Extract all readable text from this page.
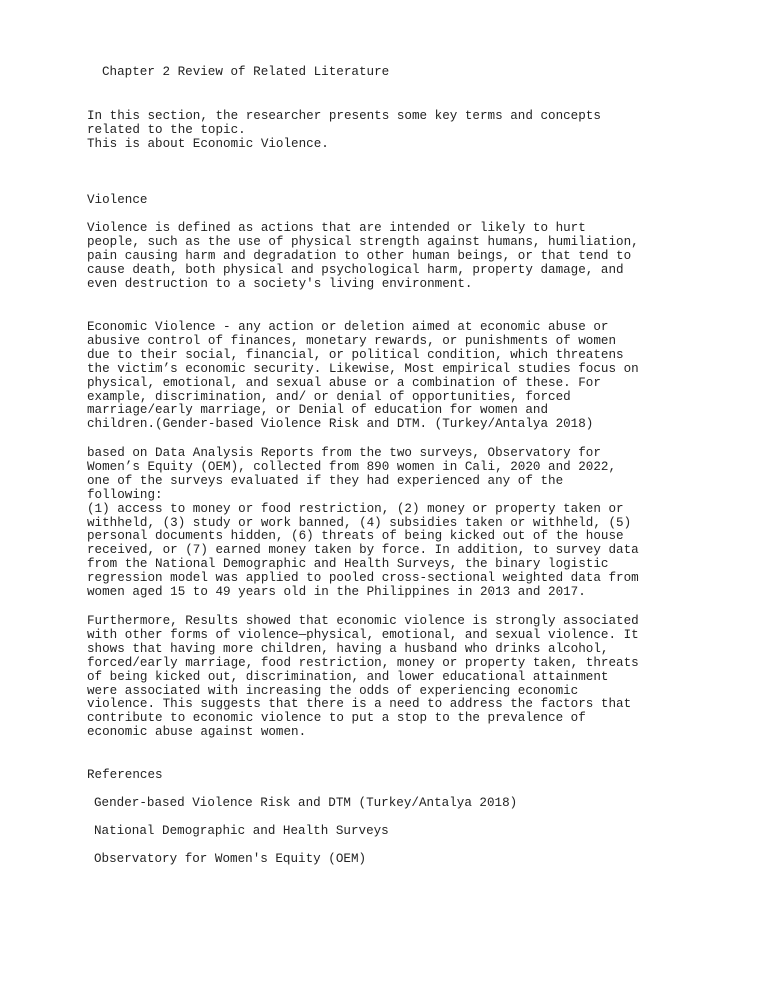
Chapter 2 Review of Related Literature
In this section, the researcher presents some key terms and concepts
related to the topic.
This is about Economic Violence.
Violence
Violence is defined as actions that are intended or likely to hurt
people, such as the use of physical strength against humans, humiliation,
pain causing harm and degradation to other human beings, or that tend to
cause death, both physical and psychological harm, property damage, and
even destruction to a society's living environment.
Economic Violence - any action or deletion aimed at economic abuse or
abusive control of finances, monetary rewards, or punishments of women
due to their social, financial, or political condition, which threatens
the victim’s economic security. Likewise, Most empirical studies focus on
physical, emotional, and sexual abuse or a combination of these. For
example, discrimination, and/ or denial of opportunities, forced
marriage/early marriage, or Denial of education for women and
children.(Gender-based Violence Risk and DTM. (Turkey/Antalya 2018)
based on Data Analysis Reports from the two surveys, Observatory for
Women’s Equity (OEM), collected from 890 women in Cali, 2020 and 2022,
one of the surveys evaluated if they had experienced any of the
following:
(1) access to money or food restriction, (2) money or property taken or
withheld, (3) study or work banned, (4) subsidies taken or withheld, (5)
personal documents hidden, (6) threats of being kicked out of the house
received, or (7) earned money taken by force. In addition, to survey data
from the National Demographic and Health Surveys, the binary logistic
regression model was applied to pooled cross-sectional weighted data from
women aged 15 to 49 years old in the Philippines in 2013 and 2017.
Furthermore, Results showed that economic violence is strongly associated
with other forms of violence—physical, emotional, and sexual violence. It
shows that having more children, having a husband who drinks alcohol,
forced/early marriage, food restriction, money or property taken, threats
of being kicked out, discrimination, and lower educational attainment
were associated with increasing the odds of experiencing economic
violence. This suggests that there is a need to address the factors that
contribute to economic violence to put a stop to the prevalence of
economic abuse against women.
References

Gender-based Violence Risk and DTM (Turkey/Antalya 2018)

National Demographic and Health Surveys

Observatory for Women's Equity (OEM)
